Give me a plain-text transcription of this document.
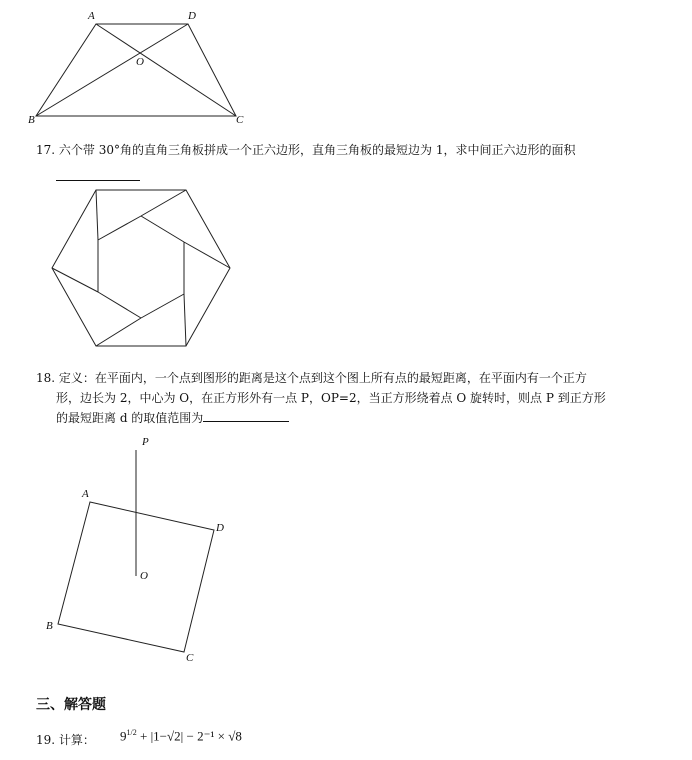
A	D
O
B	C
17. 六个带 30°角的直角三角板拼成一个正六边形，直角三角板的最短边为 1，求中间正六边形的面积
18. 定义：在平面内，一个点到图形的距离是这个点到这个图上所有点的最短距离，在平面内有一个正方
形，边长为 2，中心为 O，在正方形外有一点 P，OP=2，当正方形绕着点 O 旋转时，则点 P 到正方形
的最短距离 d 的取值范围为
P
A
D
O
B
C
三、解答题
19. 计算： $9^{1/2} + |1-√2| - 2^{-1} \times √8$
